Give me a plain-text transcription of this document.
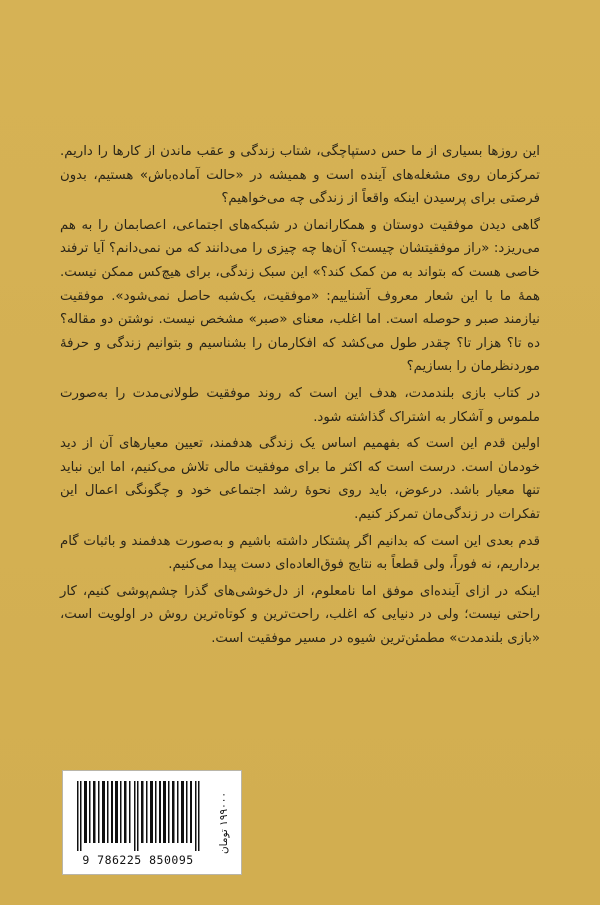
این روزها بسیاری از ما حس دستپاچگی، شتاب زندگی و عقب ماندن از کارها را داریم. تمرکزمان روی مشغله‌های آینده است و همیشه در «حالت آماده‌باش» هستیم، بدون فرصتی برای پرسیدن اینکه واقعاً از زندگی چه می‌خواهیم؟

گاهی دیدن موفقیت دوستان و همکارانمان در شبکه‌های اجتماعی، اعصابمان را به هم می‌ریزد: «راز موفقیتشان چیست؟ آن‌ها چه چیزی را می‌دانند که من نمی‌دانم؟ آیا ترفند خاصی هست که بتواند به من کمک کند؟» این سبک زندگی، برای هیچ‌کس ممکن نیست. همهٔ ما با این شعار معروف آشناییم: «موفقیت، یک‌شبه حاصل نمی‌شود». موفقیت نیازمند صبر و حوصله است. اما اغلب، معنای «صبر» مشخص نیست. نوشتن دو مقاله؟ ده تا؟ هزار تا؟ چقدر طول می‌کشد که افکارمان را بشناسیم و بتوانیم زندگی و حرفهٔ موردنظرمان را بسازیم؟

در کتاب بازی بلندمدت، هدف این است که روند موفقیت طولانی‌مدت را به‌صورت ملموس و آشکار به اشتراک گذاشته شود.

اولین قدم این است که بفهمیم اساس یک زندگی هدفمند، تعیین معیارهای آن از دید خودمان است. درست است که اکثر ما برای موفقیت مالی تلاش می‌کنیم، اما این نباید تنها معیار باشد. درعوض، باید روی نحوهٔ رشد اجتماعی خود و چگونگی اعمال این تفکرات در زندگی‌مان تمرکز کنیم.

قدم بعدی این است که بدانیم اگر پشتکار داشته باشیم و به‌صورت هدفمند و باثبات گام برداریم، نه فوراً، ولی قطعاً به نتایج فوق‌العاده‌ای دست پیدا می‌کنیم.

اینکه در ازای آینده‌ای موفق اما نامعلوم، از دل‌خوشی‌های گذرا چشم‌پوشی کنیم، کار راحتی نیست؛ ولی در دنیایی که اغلب، راحت‌ترین و کوتاه‌ترین روش در اولویت است، «بازی بلندمدت» مطمئن‌ترین شیوه در مسیر موفقیت است.

9 786225 850095
۱۹۹۰۰۰ تومان
